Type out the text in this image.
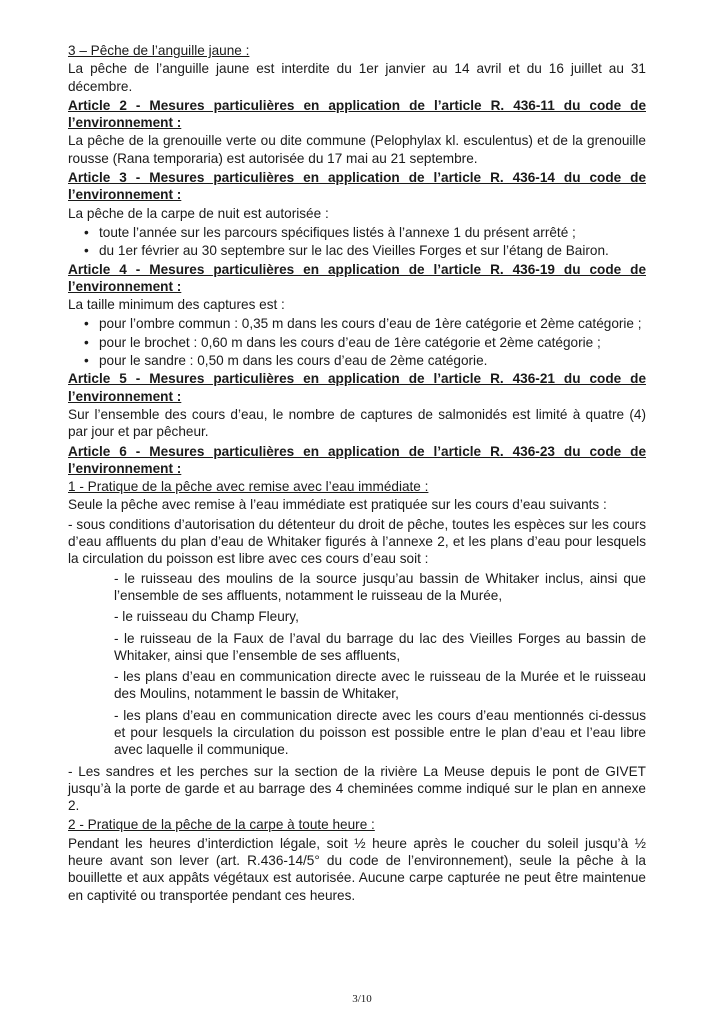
3 – Pêche de l’anguille jaune :

La pêche de l’anguille jaune est interdite du 1er janvier au 14 avril et du 16 juillet au 31 décembre.

Article 2 - Mesures particulières en application de l’article R. 436-11 du code de l’environnement :

La pêche de la grenouille verte ou dite commune (Pelophylax kl. esculentus) et de la grenouille rousse (Rana temporaria) est autorisée du 17 mai au 21 septembre.

Article 3 - Mesures particulières en application de l’article R. 436-14 du code de l’environnement :

La pêche de la carpe de nuit est autorisée :

• toute l’année sur les parcours spécifiques listés à l’annexe 1 du présent arrêté ;
• du 1er février au 30 septembre sur le lac des Vieilles Forges et sur l’étang de Bairon.

Article 4 - Mesures particulières en application de l’article R. 436-19 du code de l’environnement :

La taille minimum des captures est :

• pour l’ombre commun : 0,35 m dans les cours d’eau de 1ère catégorie et 2ème catégorie ;
• pour le brochet : 0,60 m dans les cours d’eau de 1ère catégorie et 2ème catégorie ;
• pour le sandre : 0,50 m dans les cours d’eau de 2ème catégorie.

Article 5 - Mesures particulières en application de l’article R. 436-21 du code de l’environnement :

Sur l’ensemble des cours d’eau, le nombre de captures de salmonidés est limité à quatre (4) par jour et par pêcheur.

Article 6 - Mesures particulières en application de l’article R. 436-23 du code de l’environnement :

1 - Pratique de la pêche avec remise avec l’eau immédiate :

Seule la pêche avec remise à l’eau immédiate est pratiquée sur les cours d’eau suivants :

- sous conditions d’autorisation du détenteur du droit de pêche, toutes les espèces sur les cours d’eau affluents du plan d’eau de Whitaker figurés à l’annexe 2, et les plans d’eau pour lesquels la circulation du poisson est libre avec ces cours d’eau soit :

- le ruisseau des moulins de la source jusqu’au bassin de Whitaker inclus, ainsi que l’ensemble de ses affluents, notamment le ruisseau de la Murée,

- le ruisseau du Champ Fleury,

- le ruisseau de la Faux de l’aval du barrage du lac des Vieilles Forges au bassin de Whitaker, ainsi que l’ensemble de ses affluents,

- les plans d’eau en communication directe avec le ruisseau de la Murée et le ruisseau des Moulins, notamment le bassin de Whitaker,

- les plans d’eau en communication directe avec les cours d’eau mentionnés ci-dessus et pour lesquels la circulation du poisson est possible entre le plan d’eau et l’eau libre avec laquelle il communique.

- Les sandres et les perches sur la section de la rivière La Meuse depuis le pont de GIVET jusqu’à la porte de garde et au barrage des 4 cheminées comme indiqué sur le plan en annexe 2.

2 - Pratique de la pêche de la carpe à toute heure :

Pendant les heures d’interdiction légale, soit ½ heure après le coucher du soleil jusqu’à ½ heure avant son lever (art. R.436-14/5° du code de l’environnement), seule la pêche à la bouillette et aux appâts végétaux est autorisée. Aucune carpe capturée ne peut être maintenue en captivité ou transportée pendant ces heures.

3/10
